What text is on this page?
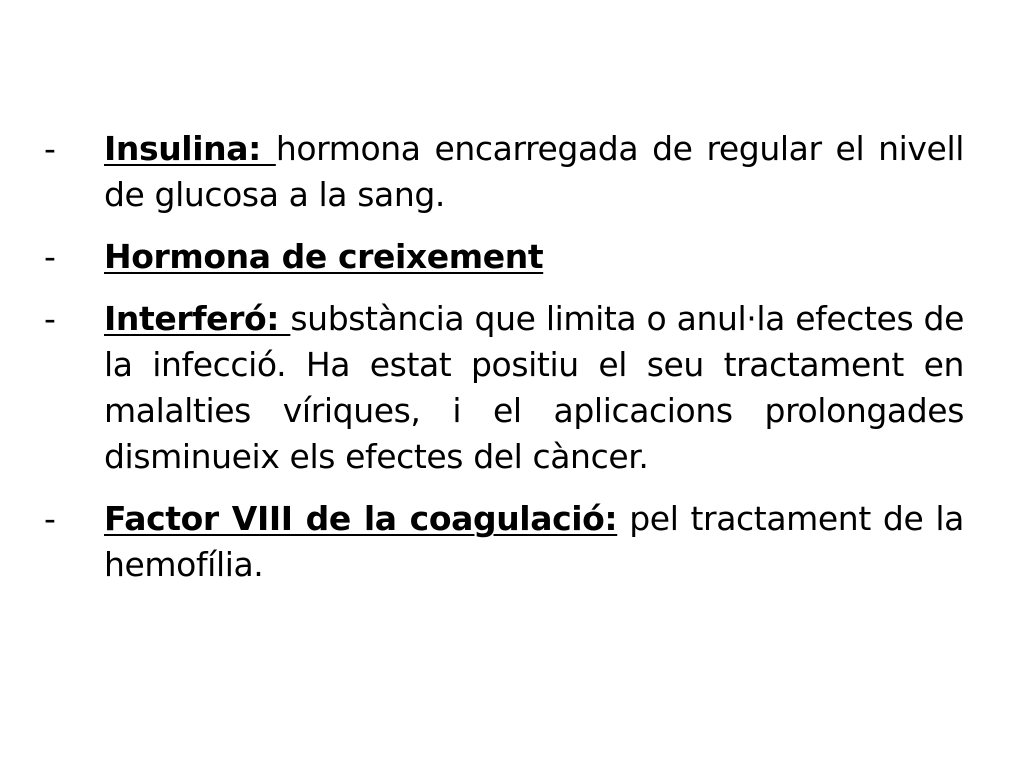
-	Insulina: hormona encarregada de regular el nivell de glucosa a la sang.
-	Hormona de creixement
-	Interferó: substància que limita o anul·la efectes de la infecció. Ha estat positiu el seu tractament en malalties víriques, i el aplicacions prolongades disminueix els efectes del càncer.
-	Factor VIII de la coagulació: pel tractament de la hemofília.
